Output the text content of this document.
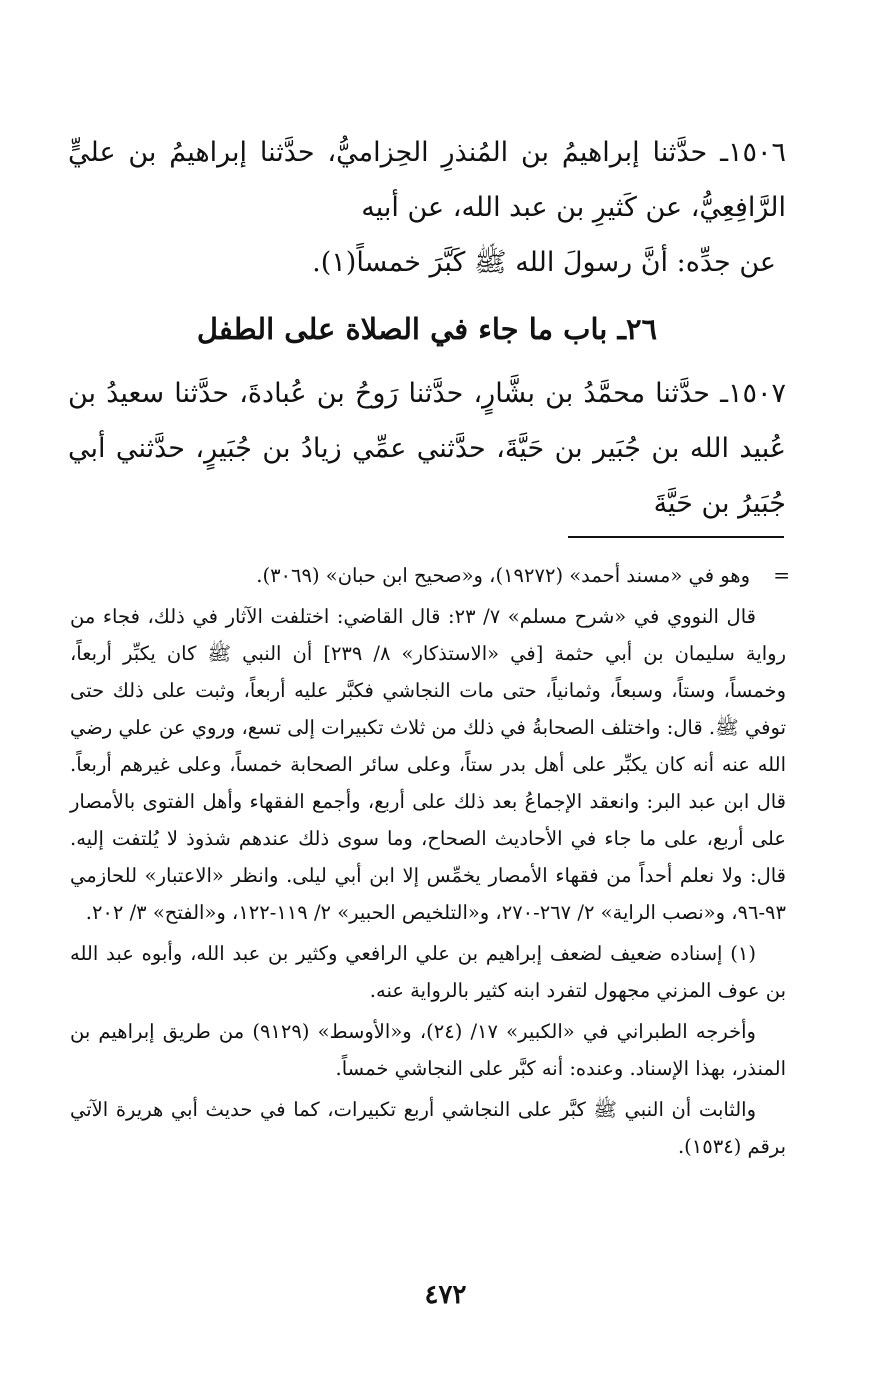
١٥٠٦ـ حدَّثنا إبراهيمُ بن المُنذرِ الحِزاميُّ، حدَّثنا إبراهيمُ بن عليٍّ الرَّافِعِيُّ، عن كَثيرِ بن عبد الله، عن أبيه

عن جدِّه: أنَّ رسولَ الله ﷺ كَبَّرَ خمساً(١).

٢٦ـ باب ما جاء في الصلاة على الطفل

١٥٠٧ـ حدَّثنا محمَّدُ بن بشَّارٍ، حدَّثنا رَوحُ بن عُبادةَ، حدَّثنا سعيدُ بن عُبيد الله بن جُبَير بن حَيَّةَ، حدَّثني عمِّي زيادُ بن جُبَيرٍ، حدَّثني أبي جُبَيرُ بن حَيَّةَ

=
وهو في «مسند أحمد» (١٩٢٧٢)، و«صحيح ابن حبان» (٣٠٦٩).

قال النووي في «شرح مسلم» ٧/ ٢٣: قال القاضي: اختلفت الآثار في ذلك، فجاء من رواية سليمان بن أبي حثمة [في «الاستذكار» ٨/ ٢٣٩] أن النبي ﷺ كان يكبِّر أربعاً، وخمساً، وستاً، وسبعاً، وثمانياً، حتى مات النجاشي فكبَّر عليه أربعاً، وثبت على ذلك حتى توفي ﷺ. قال: واختلف الصحابةُ في ذلك من ثلاث تكبيرات إلى تسع، وروي عن علي رضي الله عنه أنه كان يكبِّر على أهل بدر ستاً، وعلى سائر الصحابة خمساً، وعلى غيرهم أربعاً. قال ابن عبد البر: وانعقد الإجماعُ بعد ذلك على أربع، وأجمع الفقهاء وأهل الفتوى بالأمصار على أربع، على ما جاء في الأحاديث الصحاح، وما سوى ذلك عندهم شذوذ لا يُلتفت إليه. قال: ولا نعلم أحداً من فقهاء الأمصار يخمِّس إلا ابن أبي ليلى. وانظر «الاعتبار» للحازمي ٩٣-٩٦، و«نصب الراية» ٢/ ٢٦٧-٢٧٠، و«التلخيص الحبير» ٢/ ١١٩-١٢٢، و«الفتح» ٣/ ٢٠٢.

(١) إسناده ضعيف لضعف إبراهيم بن علي الرافعي وكثير بن عبد الله، وأبوه عبد الله بن عوف المزني مجهول لتفرد ابنه كثير بالرواية عنه.

وأخرجه الطبراني في «الكبير» ١٧/ (٢٤)، و«الأوسط» (٩١٢٩) من طريق إبراهيم بن المنذر، بهذا الإسناد. وعنده: أنه كبَّر على النجاشي خمساً.

والثابت أن النبي ﷺ كبَّر على النجاشي أربع تكبيرات، كما في حديث أبي هريرة الآتي برقم (١٥٣٤).

٤٧٢
